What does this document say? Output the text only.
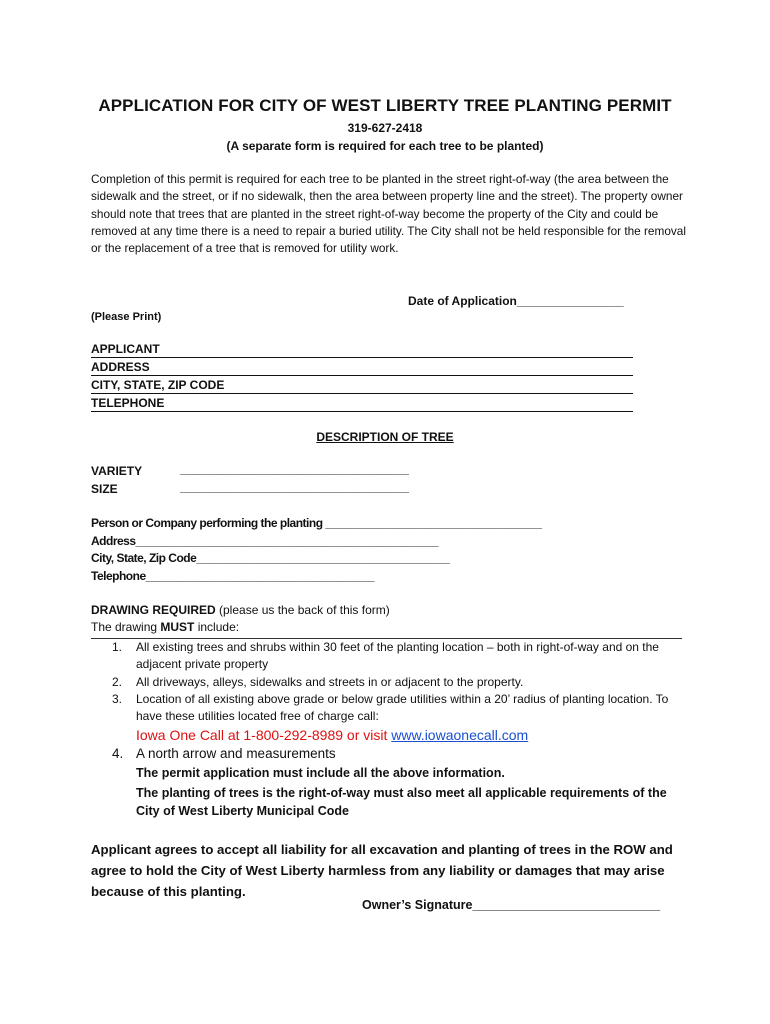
APPLICATION FOR CITY OF WEST LIBERTY TREE PLANTING PERMIT
319-627-2418
(A separate form is required for each tree to be planted)
Completion of this permit is required for each tree to be planted in the street right-of-way (the area between the sidewalk and the street, or if no sidewalk, then the area between property line and the street). The property owner should note that trees that are planted in the street right-of-way become the property of the City and could be removed at any time there is a need to repair a buried utility. The City shall not be held responsible for the removal or the replacement of a tree that is removed for utility work.
Date of Application________________
(Please Print)
APPLICANT
ADDRESS
CITY, STATE, ZIP CODE
TELEPHONE
DESCRIPTION OF TREE
VARIETY	_____________________________________
SIZE	_____________________________________
Person or Company performing the planting ___________________________________
Address_________________________________________________
City, State, Zip Code_________________________________________
Telephone_____________________________________
DRAWING REQUIRED (please us the back of this form)
The drawing MUST include:
1. All existing trees and shrubs within 30 feet of the planting location – both in right-of-way and on the adjacent private property
2. All driveways, alleys, sidewalks and streets in or adjacent to the property.
3. Location of all existing above grade or below grade utilities within a 20’ radius of planting location. To have these utilities located free of charge call:
Iowa One Call at 1-800-292-8989 or visit www.iowaonecall.com
4. A north arrow and measurements
The permit application must include all the above information.
The planting of trees is the right-of-way must also meet all applicable requirements of the City of West Liberty Municipal Code
Applicant agrees to accept all liability for all excavation and planting of trees in the ROW and agree to hold the City of West Liberty harmless from any liability or damages that may arise because of this planting.
Owner’s Signature___________________________
